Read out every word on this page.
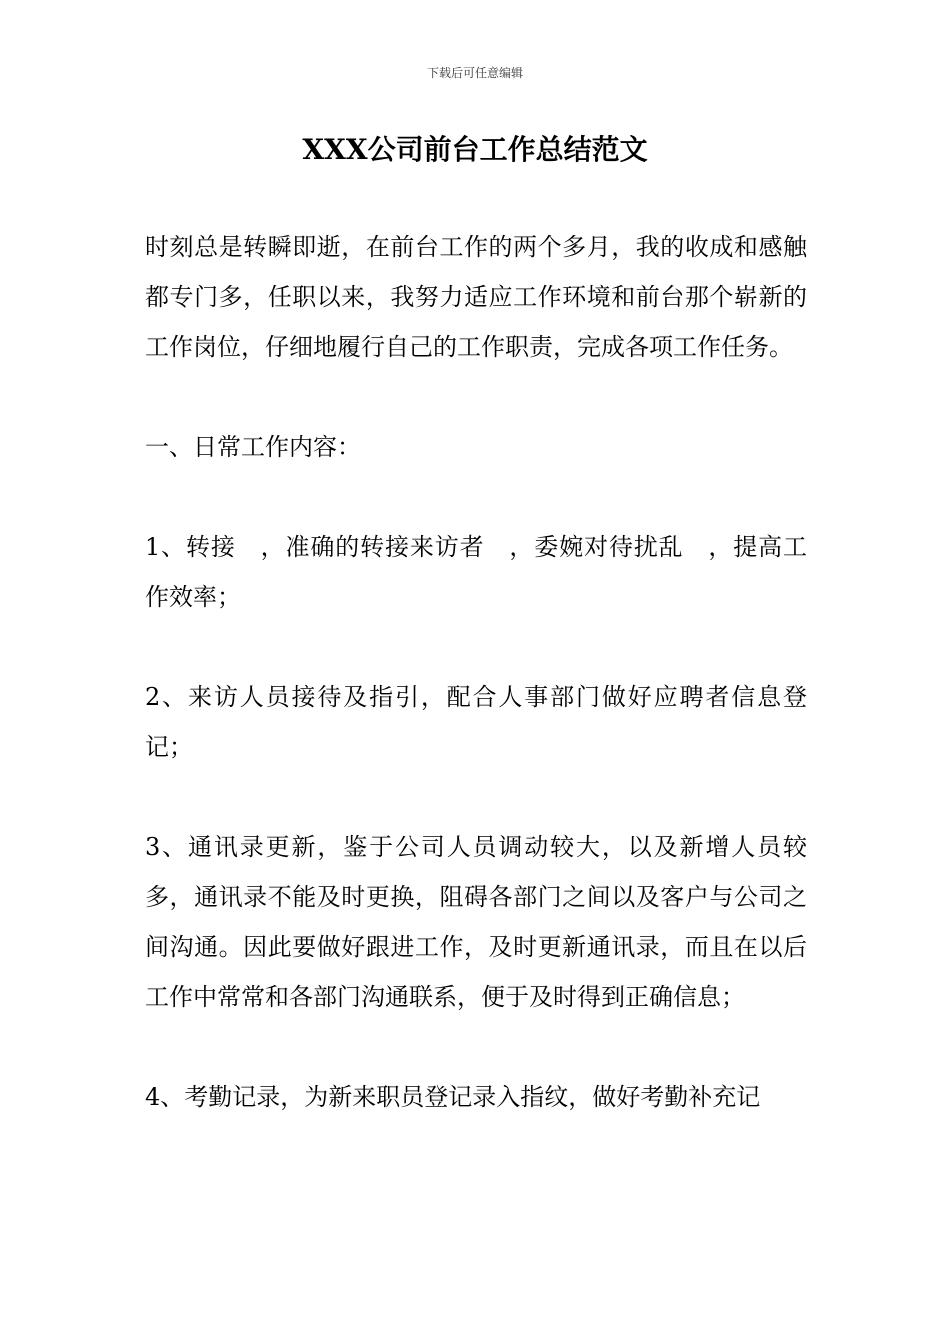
下载后可任意编辑
XXX公司前台工作总结范文

时刻总是转瞬即逝，在前台工作的两个多月，我的收成和感触都专门多，任职以来，我努力适应工作环境和前台那个崭新的工作岗位，仔细地履行自己的工作职责，完成各项工作任务。

一、日常工作内容：

1、转接　，准确的转接来访者　，委婉对待扰乱　，提高工作效率；

2、来访人员接待及指引，配合人事部门做好应聘者信息登记；

3、通讯录更新，鉴于公司人员调动较大，以及新增人员较多，通讯录不能及时更换，阻碍各部门之间以及客户与公司之间沟通。因此要做好跟进工作，及时更新通讯录，而且在以后工作中常常和各部门沟通联系，便于及时得到正确信息；

4、考勤记录，为新来职员登记录入指纹，做好考勤补充记
